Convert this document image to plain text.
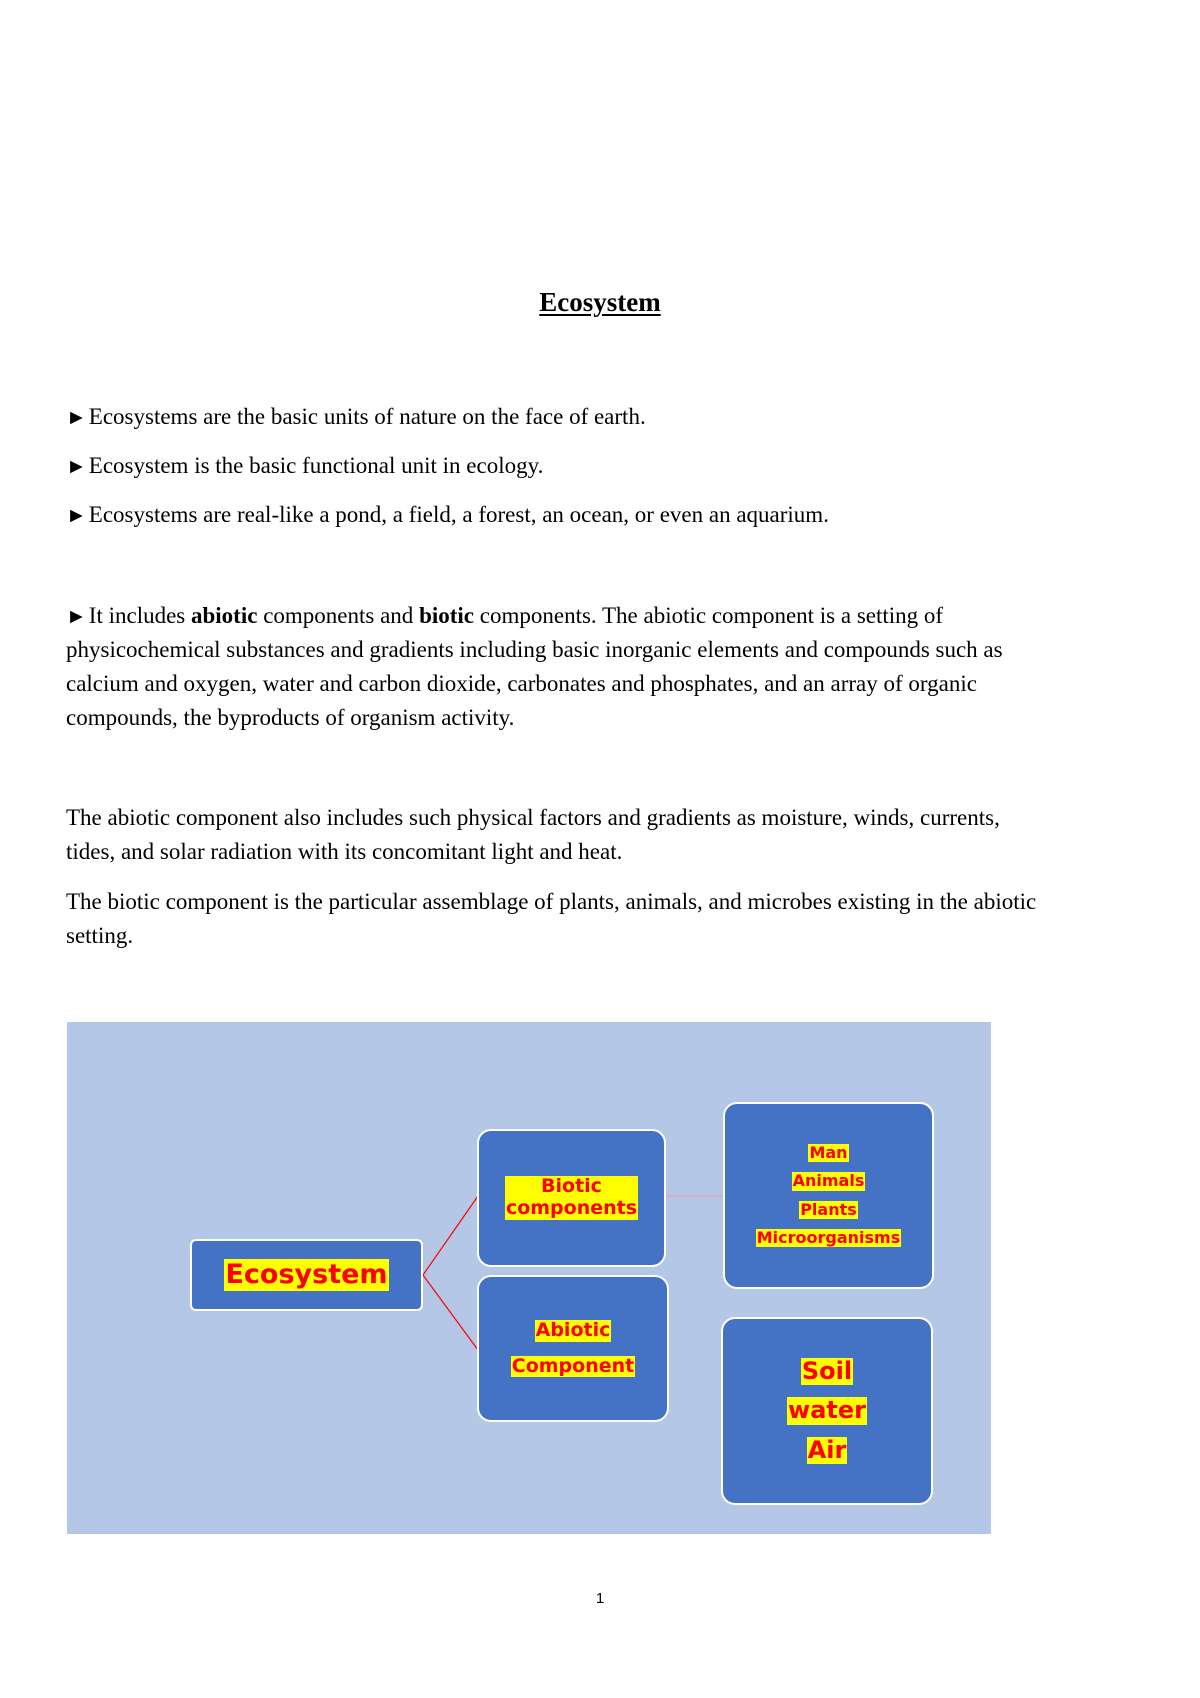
Ecosystem

►Ecosystems are the basic units of nature on the face of earth.

►Ecosystem is the basic functional unit in ecology.

►Ecosystems are real-like a pond, a field, a forest, an ocean, or even an aquarium.

►It includes abiotic components and biotic components. The abiotic component is a setting of physicochemical substances and gradients including basic inorganic elements and compounds such as calcium and oxygen, water and carbon dioxide, carbonates and phosphates, and an array of organic compounds, the byproducts of organism activity.

The abiotic component also includes such physical factors and gradients as moisture, winds, currents, tides, and solar radiation with its concomitant light and heat.

The biotic component is the particular assemblage of plants, animals, and microbes existing in the abiotic setting.

Ecosystem
Biotic
components
Abiotic
Component
Man
Animals
Plants
Microorganisms
Soil
water
Air
1
